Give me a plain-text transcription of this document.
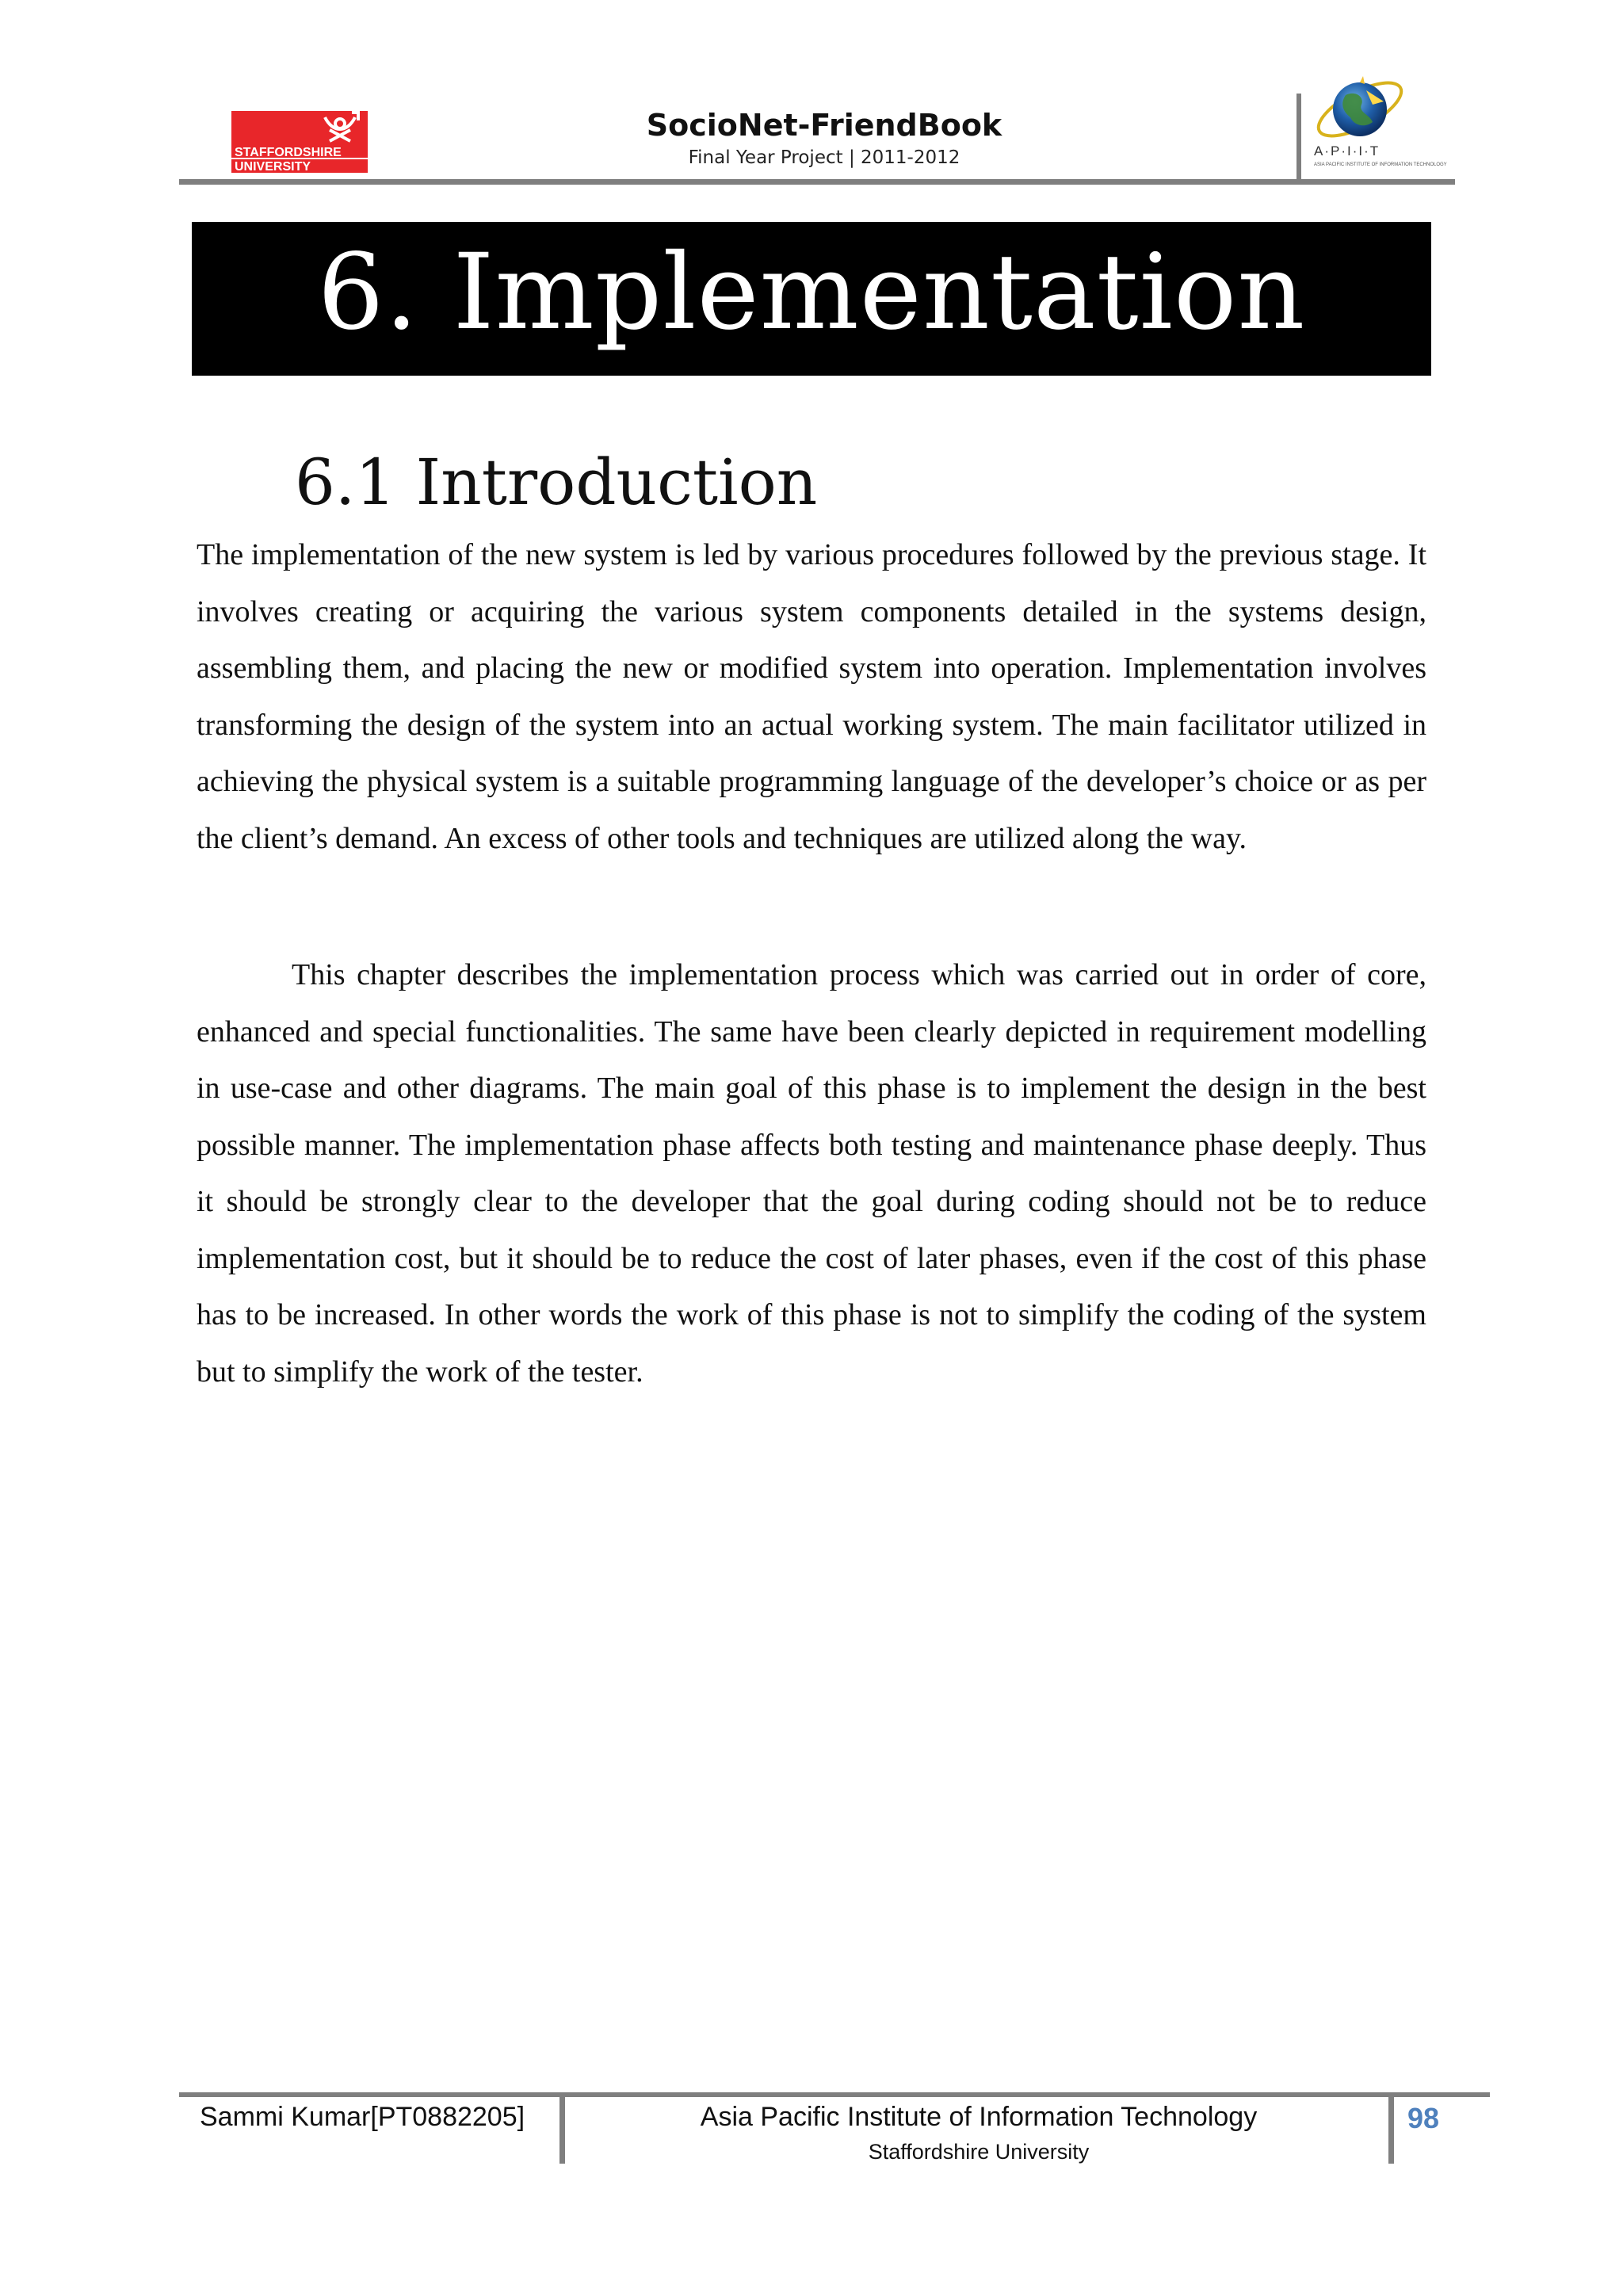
STAFFORDSHIRE
UNIVERSITY
SocioNet-FriendBook
Final Year Project | 2011-2012	A·P·I·I·T
ASIA PACIFIC INSTITUTE OF INFORMATION TECHNOLOGY
6. Implementation
6.1 Introduction

The implementation of the new system is led by various procedures followed by the previous stage. It involves creating or acquiring the various system components detailed in the systems design, assembling them, and placing the new or modified system into operation. Implementation involves transforming the design of the system into an actual working system. The main facilitator utilized in achieving the physical system is a suitable programming language of the developer’s choice or as per the client’s demand. An excess of other tools and techniques are utilized along the way.

This chapter describes the implementation process which was carried out in order of core, enhanced and special functionalities. The same have been clearly depicted in requirement modelling in use-case and other diagrams. The main goal of this phase is to implement the design in the best possible manner. The implementation phase affects both testing and maintenance phase deeply. Thus it should be strongly clear to the developer that the goal during coding should not be to reduce implementation cost, but it should be to reduce the cost of later phases, even if the cost of this phase has to be increased. In other words the work of this phase is not to simplify the coding of the system but to simplify the work of the tester.

Sammi Kumar[PT0882205]	Asia Pacific Institute of Information Technology
Staffordshire University
98
